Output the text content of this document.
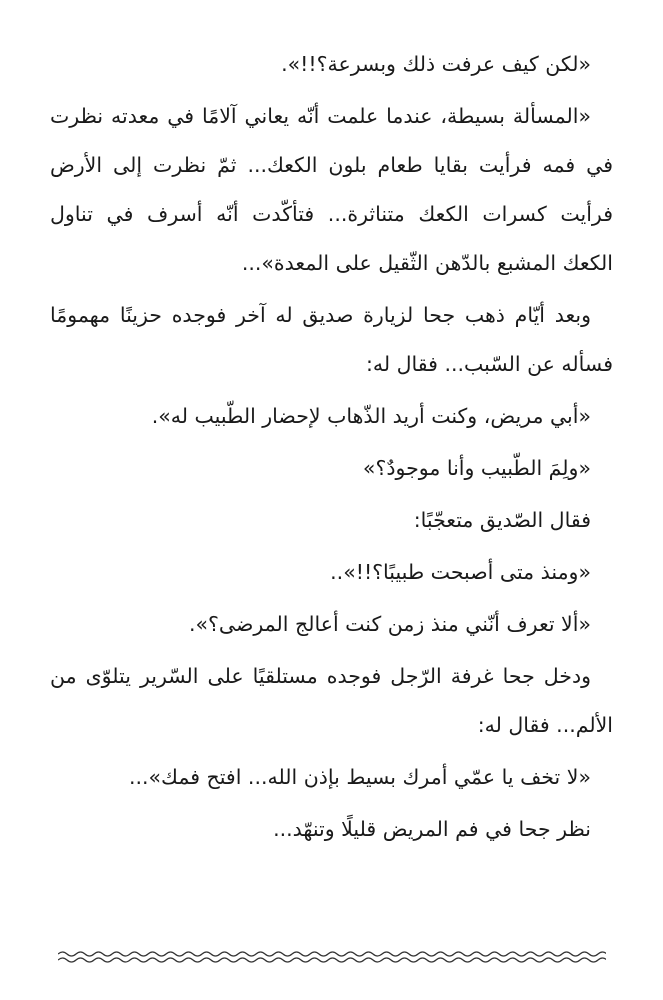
«لكن كيف عرفت ذلك وبسرعة؟!!».

«المسألة بسيطة، عندما علمت أنّه يعاني آلامًا في معدته نظرت في فمه فرأيت بقايا طعام بلون الكعك... ثمّ نظرت إلى الأرض فرأيت كسرات الكعك متناثرة... فتأكّدت أنّه أسرف في تناول الكعك المشبع بالدّهن الثّقيل على المعدة»...

وبعد أيّام ذهب جحا لزيارة صديق له آخر فوجده حزينًا مهمومًا فسأله عن السّبب... فقال له:

«أبي مريض، وكنت أريد الذّهاب لإحضار الطّبيب له».

«ولِمَ الطّبيب وأنا موجودٌ؟»

فقال الصّديق متعجّبًا:

«ومنذ متى أصبحت طبيبًا؟!!»..

«ألا تعرف أنّني منذ زمن كنت أعالج المرضى؟».

ودخل جحا غرفة الرّجل فوجده مستلقيًا على السّرير يتلوّى من الألم... فقال له:

«لا تخف يا عمّي أمرك بسيط بإذن الله... افتح فمك»...

نظر جحا في فم المريض قليلًا وتنهّد...
